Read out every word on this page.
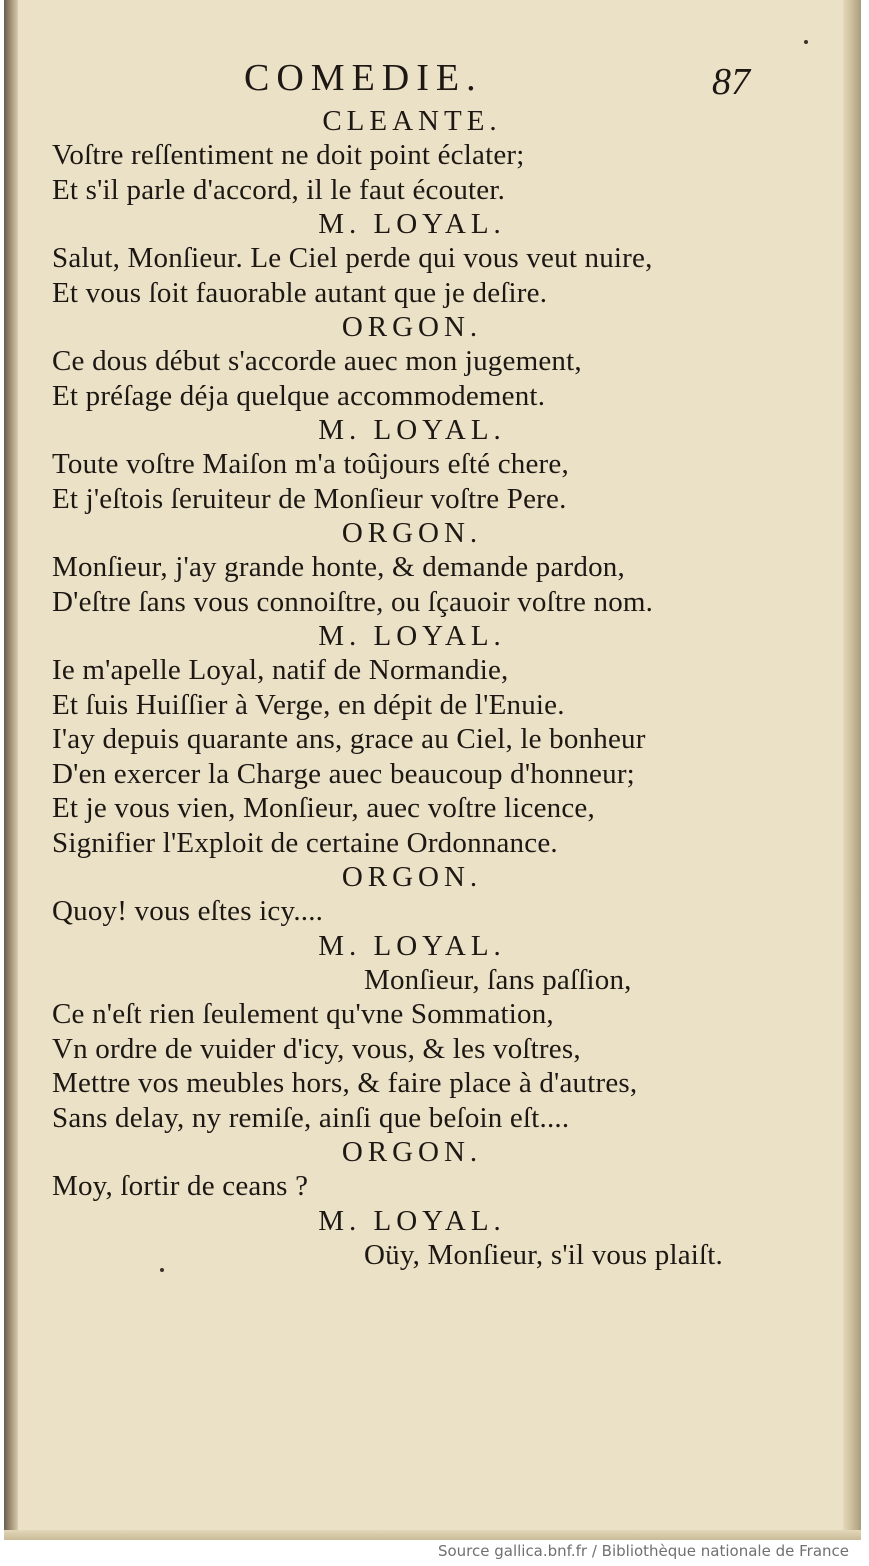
COMEDIE.	87
CLEANTE.
Voſtre reſſentiment ne doit point éclater;
Et s'il parle d'accord, il le faut écouter.
M. LOYAL.
Salut, Monſieur. Le Ciel perde qui vous veut nuire,
Et vous ſoit fauorable autant que je deſire.
ORGON.
Ce dous début s'accorde auec mon jugement,
Et préſage déja quelque accommodement.
M. LOYAL.
Toute voſtre Maiſon m'a toûjours eſté chere,
Et j'eſtois ſeruiteur de Monſieur voſtre Pere.
ORGON.
Monſieur, j'ay grande honte, & demande pardon,
D'eſtre ſans vous connoiſtre, ou ſçauoir voſtre nom.
M. LOYAL.
Ie m'apelle Loyal, natif de Normandie,
Et ſuis Huiſſier à Verge, en dépit de l'Enuie.
I'ay depuis quarante ans, grace au Ciel, le bonheur
D'en exercer la Charge auec beaucoup d'honneur;
Et je vous vien, Monſieur, auec voſtre licence,
Signifier l'Exploit de certaine Ordonnance.
ORGON.
Quoy! vous eſtes icy....
M. LOYAL.
Monſieur, ſans paſſion,
Ce n'eſt rien ſeulement qu'vne Sommation,
Vn ordre de vuider d'icy, vous, & les voſtres,
Mettre vos meubles hors, & faire place à d'autres,
Sans delay, ny remiſe, ainſi que beſoin eſt....
ORGON.
Moy, ſortir de ceans ?
M. LOYAL.
Oüy, Monſieur, s'il vous plaiſt.
Source gallica.bnf.fr / Bibliothèque nationale de France
